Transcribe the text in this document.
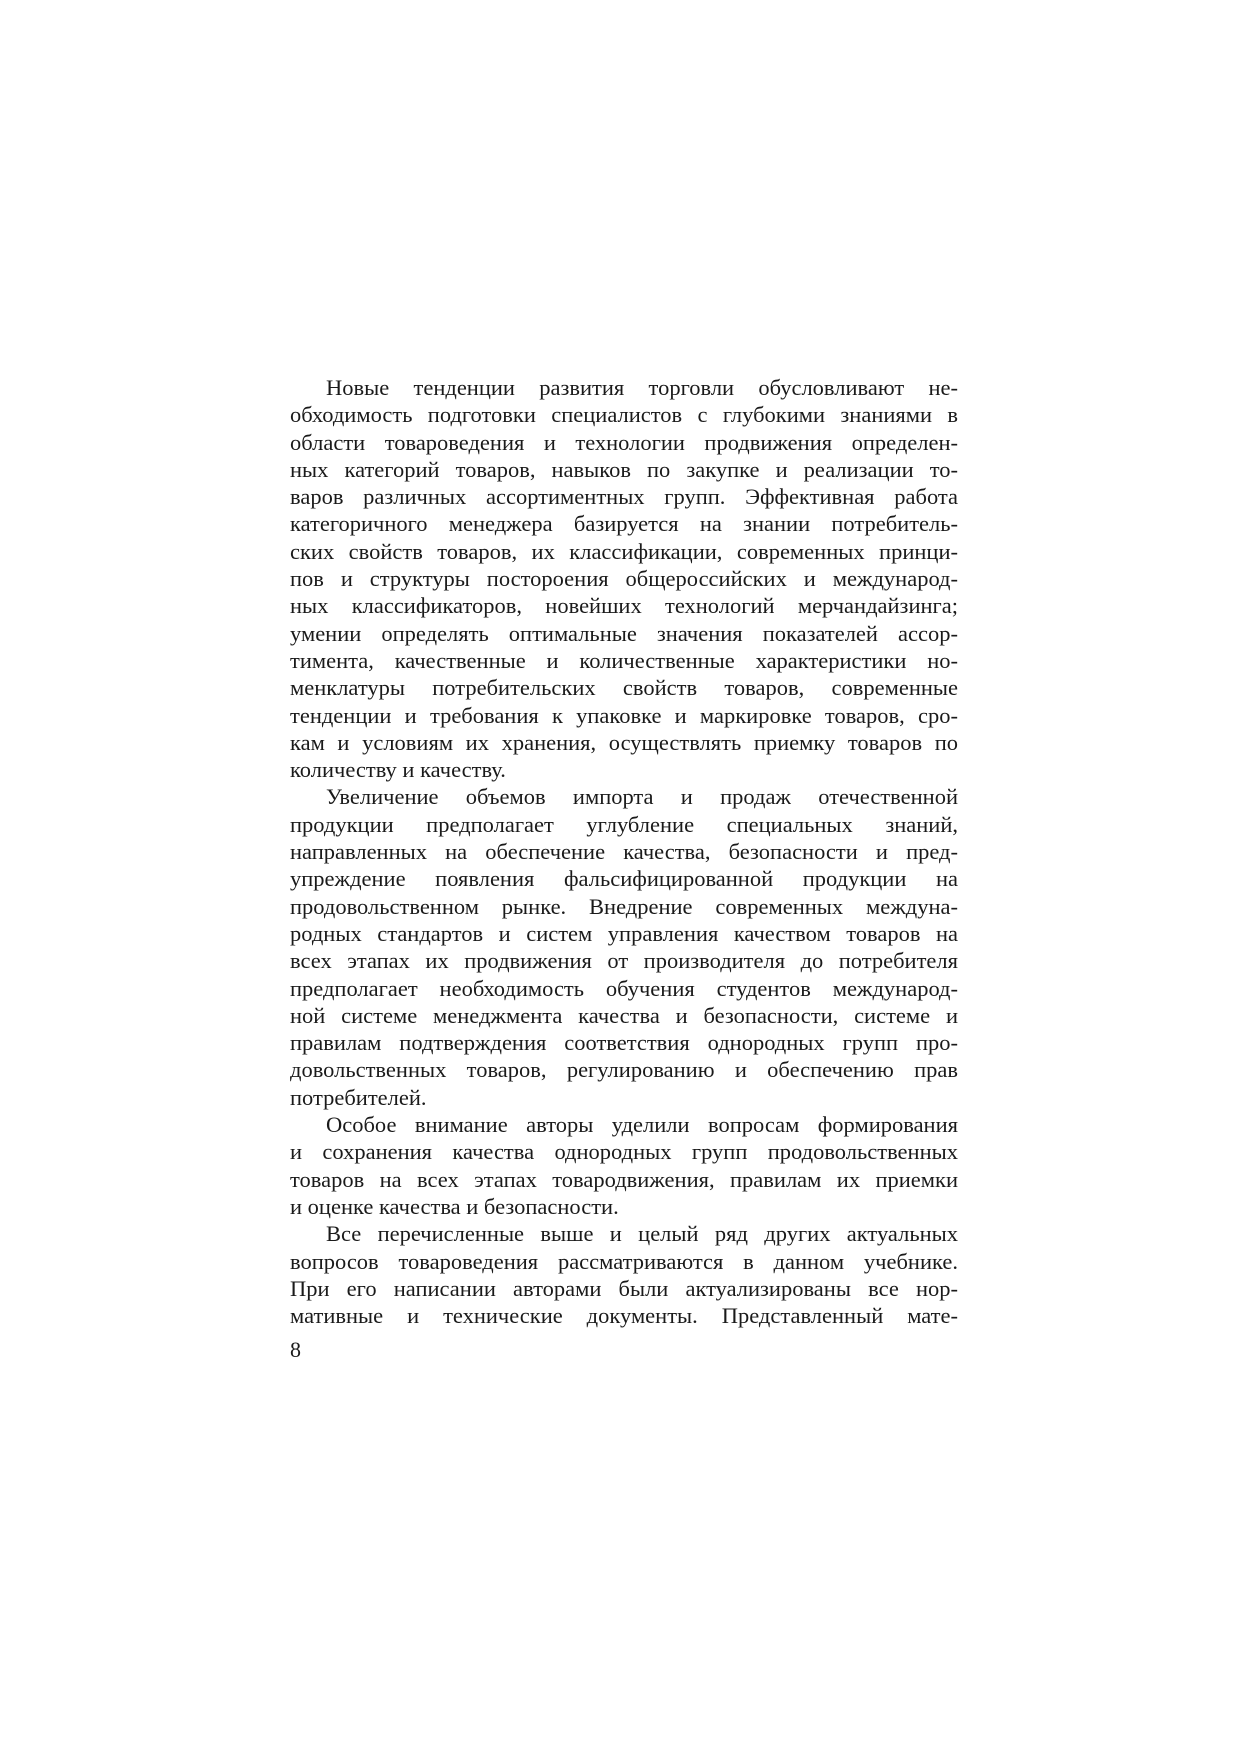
Новые тенденции развития торговли обусловливают не-
обходимость подготовки специалистов с глубокими знаниями в
области товароведения и технологии продвижения определен-
ных категорий товаров, навыков по закупке и реализации то-
варов различных ассортиментных групп. Эффективная работа
категоричного менеджера базируется на знании потребитель-
ских свойств товаров, их классификации, современных принци-
пов и структуры постороения общероссийских и международ-
ных классификаторов, новейших технологий мерчандайзинга;
умении определять оптимальные значения показателей ассор-
тимента, качественные и количественные характеристики но-
менклатуры потребительских свойств товаров, современные
тенденции и требования к упаковке и маркировке товаров, сро-
кам и условиям их хранения, осуществлять приемку товаров по
количеству и качеству.

Увеличение объемов импорта и продаж отечественной
продукции предполагает углубление специальных знаний,
направленных на обеспечение качества, безопасности и пред-
упреждение появления фальсифицированной продукции на
продовольственном рынке. Внедрение современных междуна-
родных стандартов и систем управления качеством товаров на
всех этапах их продвижения от производителя до потребителя
предполагает необходимость обучения студентов международ-
ной системе менеджмента качества и безопасности, системе и
правилам подтверждения соответствия однородных групп про-
довольственных товаров, регулированию и обеспечению прав
потребителей.

Особое внимание авторы уделили вопросам формирования
и сохранения качества однородных групп продовольственных
товаров на всех этапах товародвижения, правилам их приемки
и оценке качества и безопасности.

Все перечисленные выше и целый ряд других актуальных
вопросов товароведения рассматриваются в данном учебнике.
При его написании авторами были актуализированы все нор-
мативные и технические документы. Представленный мате-

8
